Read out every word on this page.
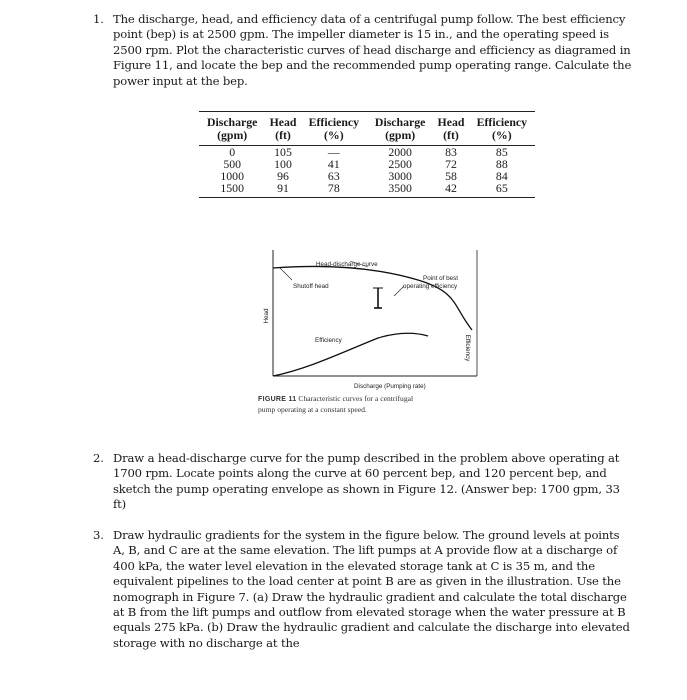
1. The discharge, head, and efficiency data of a centrifugal pump follow. The best efficiency point (bep) is at 2500 gpm. The impeller diameter is 15 in., and the operating speed is 2500 rpm. Plot the characteristic curves of head discharge and efficiency as diagramed in Figure 11, and locate the bep and the recommended pump operating range. Calculate the power input at the bep.
Discharge	Head	Efficiency	Discharge	Head	Efficiency
(gpm)	(ft)	(%)	(gpm)	(ft)	(%)

0	105	—	2000	83	85
500	100	41	2500	72	88
1000	96	63	3000	58	84
1500	91	78	3500	42	65
Head-discharge curve
Shutoff head
Point of best
operating efficiency
Efficiency
Head
Efficiency
Discharge (Pumping rate)
FIGURE 11 Characteristic curves for a centrifugal
pump operating at a constant speed.
2. Draw a head-discharge curve for the pump described in the problem above operating at 1700 rpm. Locate points along the curve at 60 percent bep, and 120 percent bep, and sketch the pump operating envelope as shown in Figure 12. (Answer bep: 1700 gpm, 33 ft)
3. Draw hydraulic gradients for the system in the figure below. The ground levels at points A, B, and C are at the same elevation. The lift pumps at A provide flow at a discharge of 400 kPa, the water level elevation in the elevated storage tank at C is 35 m, and the equivalent pipelines to the load center at point B are as given in the illustration. Use the nomograph in Figure 7. (a) Draw the hydraulic gradient and calculate the total discharge at B from the lift pumps and outflow from elevated storage when the water pressure at B equals 275 kPa. (b) Draw the hydraulic gradient and calculate the discharge into elevated storage with no discharge at the
